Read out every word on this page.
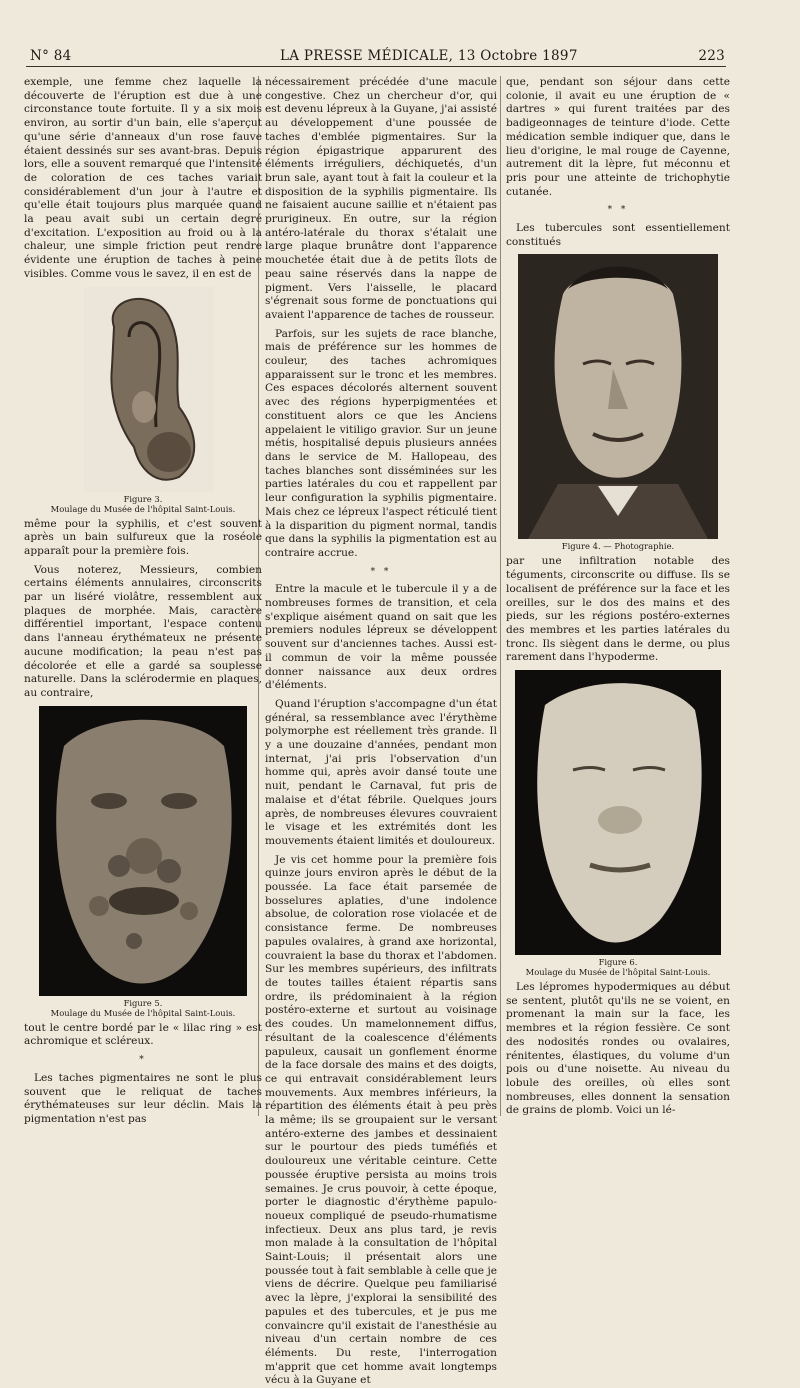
N° 84	LA PRESSE MÉDICALE, 13 Octobre 1897	223

exemple, une femme chez laquelle la découverte de l'éruption est due à une circonstance toute fortuite. Il y a six mois environ, au sortir d'un bain, elle s'aperçut qu'une série d'anneaux d'un rose fauve étaient dessinés sur ses avant-bras. Depuis lors, elle a souvent remarqué que l'intensité de coloration de ces taches variait considérablement d'un jour à l'autre et qu'elle était toujours plus marquée quand la peau avait subi un certain degré d'excitation. L'exposition au froid ou à la chaleur, une simple friction peut rendre évidente une éruption de taches à peine visibles. Comme vous le savez, il en est de

Figure 3.
Moulage du Musée de l'hôpital Saint-Louis.

même pour la syphilis, et c'est souvent après un bain sulfureux que la roséole apparaît pour la première fois.

Vous noterez, Messieurs, combien certains éléments annulaires, circonscrits par un liséré violâtre, ressemblent aux plaques de morphée. Mais, caractère différentiel important, l'espace contenu dans l'anneau érythémateux ne présente aucune modification; la peau n'est pas décolorée et elle a gardé sa souplesse naturelle. Dans la sclérodermie en plaques, au contraire,

Figure 5.
Moulage du Musée de l'hôpital Saint-Louis.

tout le centre bordé par le « lilac ring » est achromique et scléreux.

*

Les taches pigmentaires ne sont le plus souvent que le reliquat de taches érythémateuses sur leur déclin. Mais la pigmentation n'est pas

nécessairement précédée d'une macule congestive. Chez un chercheur d'or, qui est devenu lépreux à la Guyane, j'ai assisté au développement d'une poussée de taches d'emblée pigmentaires. Sur la région épigastrique apparurent des éléments irréguliers, déchiquetés, d'un brun sale, ayant tout à fait la couleur et la disposition de la syphilis pigmentaire. Ils ne faisaient aucune saillie et n'étaient pas prurigineux. En outre, sur la région antéro-latérale du thorax s'étalait une large plaque brunâtre dont l'apparence mouchetée était due à de petits îlots de peau saine réservés dans la nappe de pigment. Vers l'aisselle, le placard s'égrenait sous forme de ponctuations qui avaient l'apparence de taches de rousseur.

Parfois, sur les sujets de race blanche, mais de préférence sur les hommes de couleur, des taches achromiques apparaissent sur le tronc et les membres. Ces espaces décolorés alternent souvent avec des régions hyperpigmentées et constituent alors ce que les Anciens appelaient le vitiligo gravior. Sur un jeune métis, hospitalisé depuis plusieurs années dans le service de M. Hallopeau, des taches blanches sont disséminées sur les parties latérales du cou et rappellent par leur configuration la syphilis pigmentaire. Mais chez ce lépreux l'aspect réticulé tient à la disparition du pigment normal, tandis que dans la syphilis la pigmentation est au contraire accrue.

* *

Entre la macule et le tubercule il y a de nombreuses formes de transition, et cela s'explique aisément quand on sait que les premiers nodules lépreux se développent souvent sur d'anciennes taches. Aussi est-il commun de voir la même poussée donner naissance aux deux ordres d'éléments.

Quand l'éruption s'accompagne d'un état général, sa ressemblance avec l'érythème polymorphe est réellement très grande. Il y a une douzaine d'années, pendant mon internat, j'ai pris l'observation d'un homme qui, après avoir dansé toute une nuit, pendant le Carnaval, fut pris de malaise et d'état fébrile. Quelques jours après, de nombreuses élevures couvraient le visage et les extrémités dont les mouvements étaient limités et douloureux.

Je vis cet homme pour la première fois quinze jours environ après le début de la poussée. La face était parsemée de bosselures aplaties, d'une indolence absolue, de coloration rose violacée et de consistance ferme. De nombreuses papules ovalaires, à grand axe horizontal, couvraient la base du thorax et l'abdomen. Sur les membres supérieurs, des infiltrats de toutes tailles étaient répartis sans ordre, ils prédominaient à la région postéro-externe et surtout au voisinage des coudes. Un mamelonnement diffus, résultant de la coalescence d'éléments papuleux, causait un gonflement énorme de la face dorsale des mains et des doigts, ce qui entravait considérablement leurs mouvements. Aux membres inférieurs, la répartition des éléments était à peu près la même; ils se groupaient sur le versant antéro-externe des jambes et dessinaient sur le pourtour des pieds tuméfiés et douloureux une véritable ceinture. Cette poussée éruptive persista au moins trois semaines. Je crus pouvoir, à cette époque, porter le diagnostic d'érythème papulo-noueux compliqué de pseudo-rhumatisme infectieux. Deux ans plus tard, je revis mon malade à la consultation de l'hôpital Saint-Louis; il présentait alors une poussée tout à fait semblable à celle que je viens de décrire. Quelque peu familiarisé avec la lèpre, j'explorai la sensibilité des papules et des tubercules, et je pus me convaincre qu'il existait de l'anesthésie au niveau d'un certain nombre de ces éléments. Du reste, l'interrogation m'apprit que cet homme avait longtemps vécu à la Guyane et

que, pendant son séjour dans cette colonie, il avait eu une éruption de « dartres » qui furent traitées par des badigeonnages de teinture d'iode. Cette médication semble indiquer que, dans le lieu d'origine, le mal rouge de Cayenne, autrement dit la lèpre, fut méconnu et pris pour une atteinte de trichophytie cutanée.

* *

Les tubercules sont essentiellement constitués

Figure 4. — Photographie.

par une infiltration notable des téguments, circonscrite ou diffuse. Ils se localisent de préférence sur la face et les oreilles, sur le dos des mains et des pieds, sur les régions postéro-externes des membres et les parties latérales du tronc. Ils siègent dans le derme, ou plus rarement dans l'hypoderme.

Figure 6.
Moulage du Musée de l'hôpital Saint-Louis.

Les lépromes hypodermiques au début se sentent, plutôt qu'ils ne se voient, en promenant la main sur la face, les membres et la région fessière. Ce sont des nodosités rondes ou ovalaires, rénitentes, élastiques, du volume d'un pois ou d'une noisette. Au niveau du lobule des oreilles, où elles sont nombreuses, elles donnent la sensation de grains de plomb. Voici un lé-
